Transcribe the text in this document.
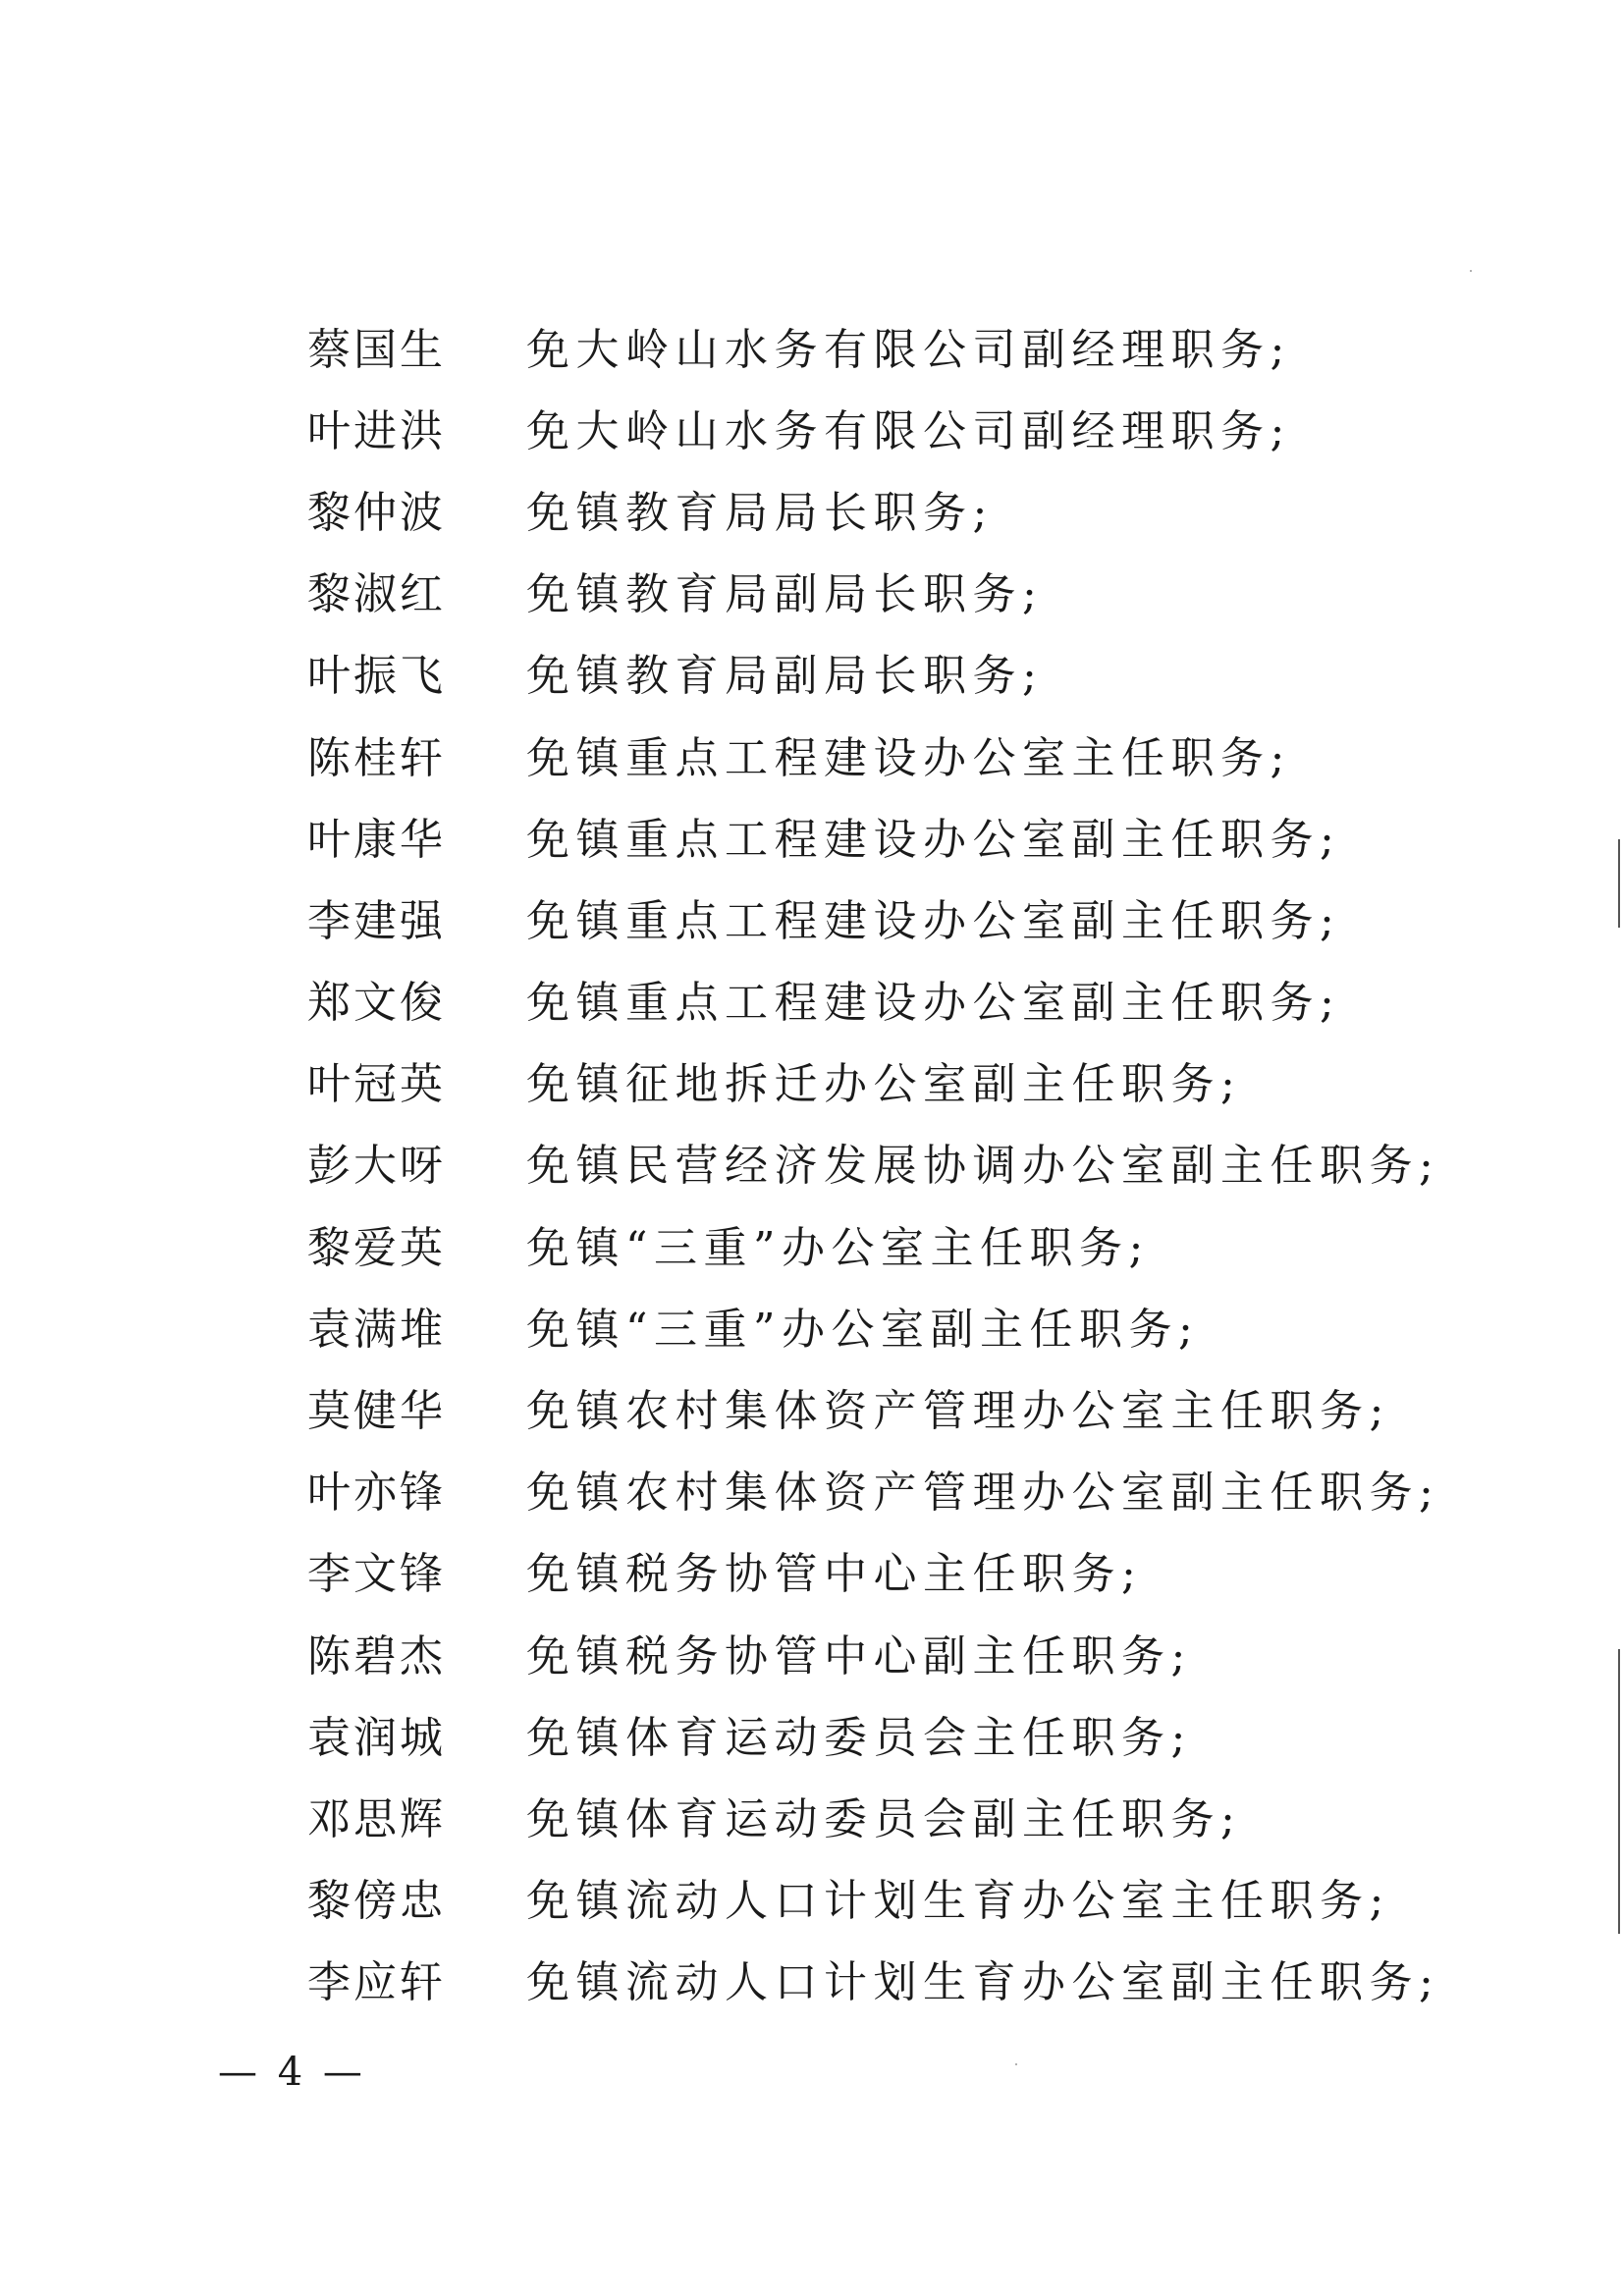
蔡国生	免大岭山水务有限公司副经理职务;
叶进洪	免大岭山水务有限公司副经理职务;
黎仲波	免镇教育局局长职务;
黎淑红	免镇教育局副局长职务;
叶振飞	免镇教育局副局长职务;
陈桂轩	免镇重点工程建设办公室主任职务;
叶康华	免镇重点工程建设办公室副主任职务;
李建强	免镇重点工程建设办公室副主任职务;
郑文俊	免镇重点工程建设办公室副主任职务;
叶冠英	免镇征地拆迁办公室副主任职务;
彭大呀	免镇民营经济发展协调办公室副主任职务;
黎爱英	免镇“三重”办公室主任职务;
袁满堆	免镇“三重”办公室副主任职务;
莫健华	免镇农村集体资产管理办公室主任职务;
叶亦锋	免镇农村集体资产管理办公室副主任职务;
李文锋	免镇税务协管中心主任职务;
陈碧杰	免镇税务协管中心副主任职务;
袁润城	免镇体育运动委员会主任职务;
邓思辉	免镇体育运动委员会副主任职务;
黎傍忠	免镇流动人口计划生育办公室主任职务;
李应轩	免镇流动人口计划生育办公室副主任职务;
— 4 —
